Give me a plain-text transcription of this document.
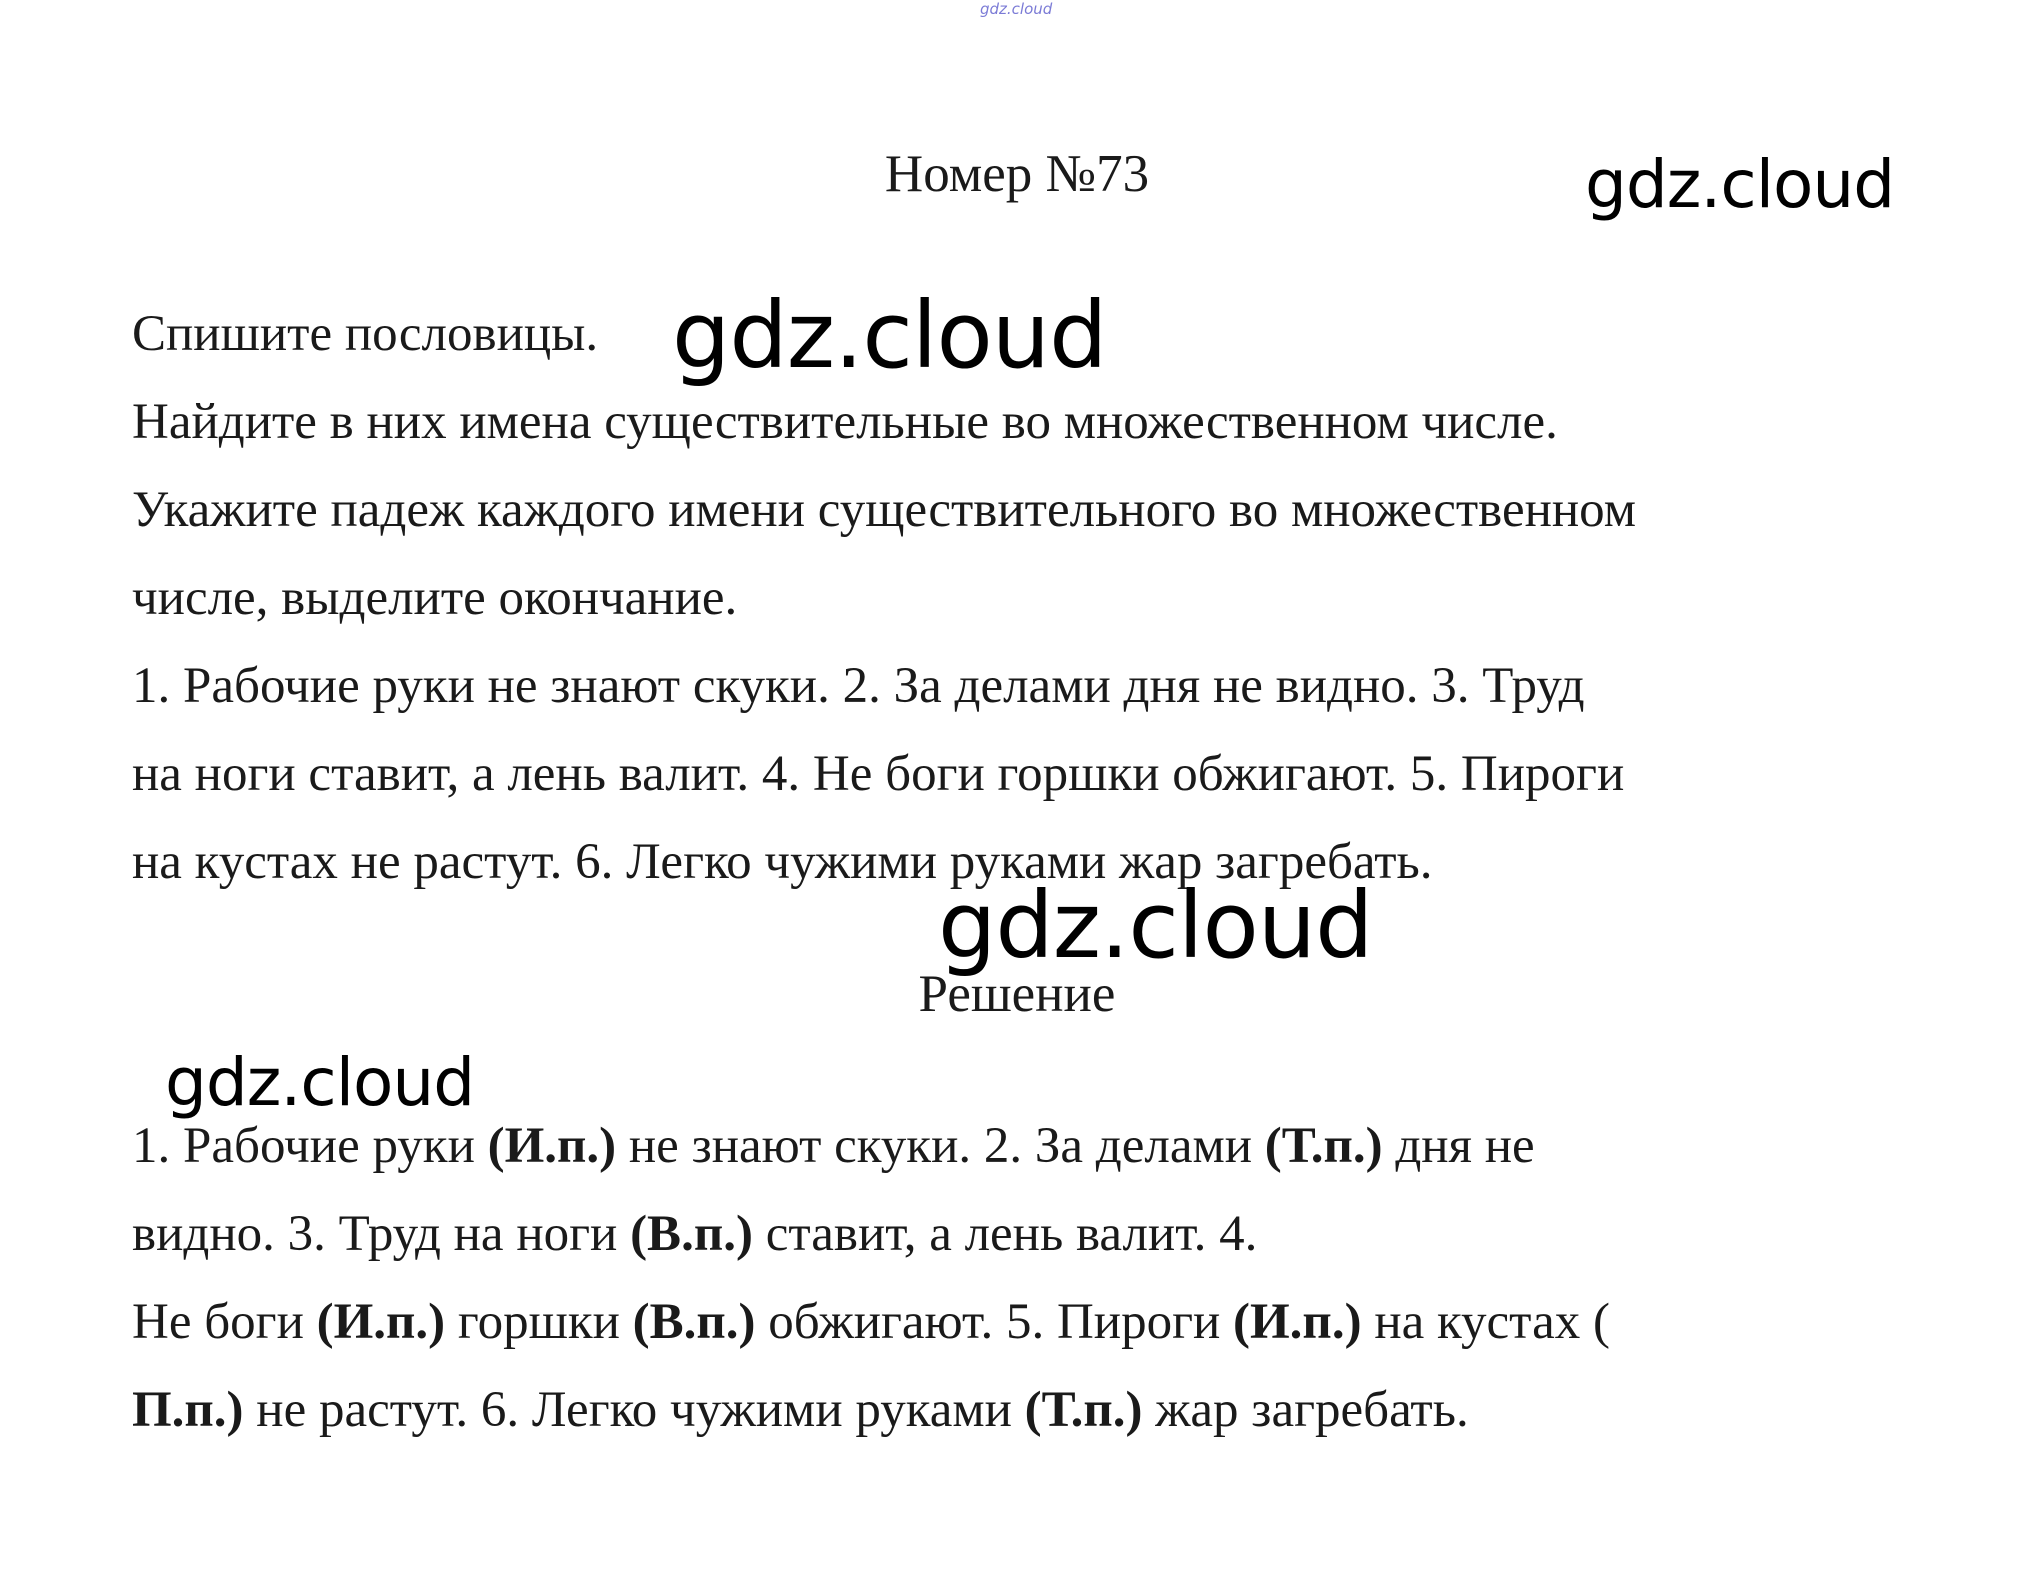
gdz.cloud
Номер №73	gdz.cloud

Спишите пословицы.

Найдите в них имена существительные во множественном числе.

Укажите падеж каждого имени существительного во множественном

числе, выделите окончание.

1. Рабочие руки не знают скуки. 2. За делами дня не видно. 3. Труд

на ноги ставит, а лень валит. 4. Не боги горшки обжигают. 5. Пироги

на кустах не растут. 6. Легко чужими руками жар загребать.

gdz.cloud
gdz.cloud
Решение
gdz.cloud

1. Рабочие руки (И.п.) не знают скуки. 2. За делами (Т.п.) дня не

видно. 3. Труд на ноги (В.п.) ставит, а лень валит. 4.

Не боги (И.п.) горшки (В.п.) обжигают. 5. Пироги (И.п.) на кустах (

П.п.) не растут. 6. Легко чужими руками (Т.п.) жар загребать.
